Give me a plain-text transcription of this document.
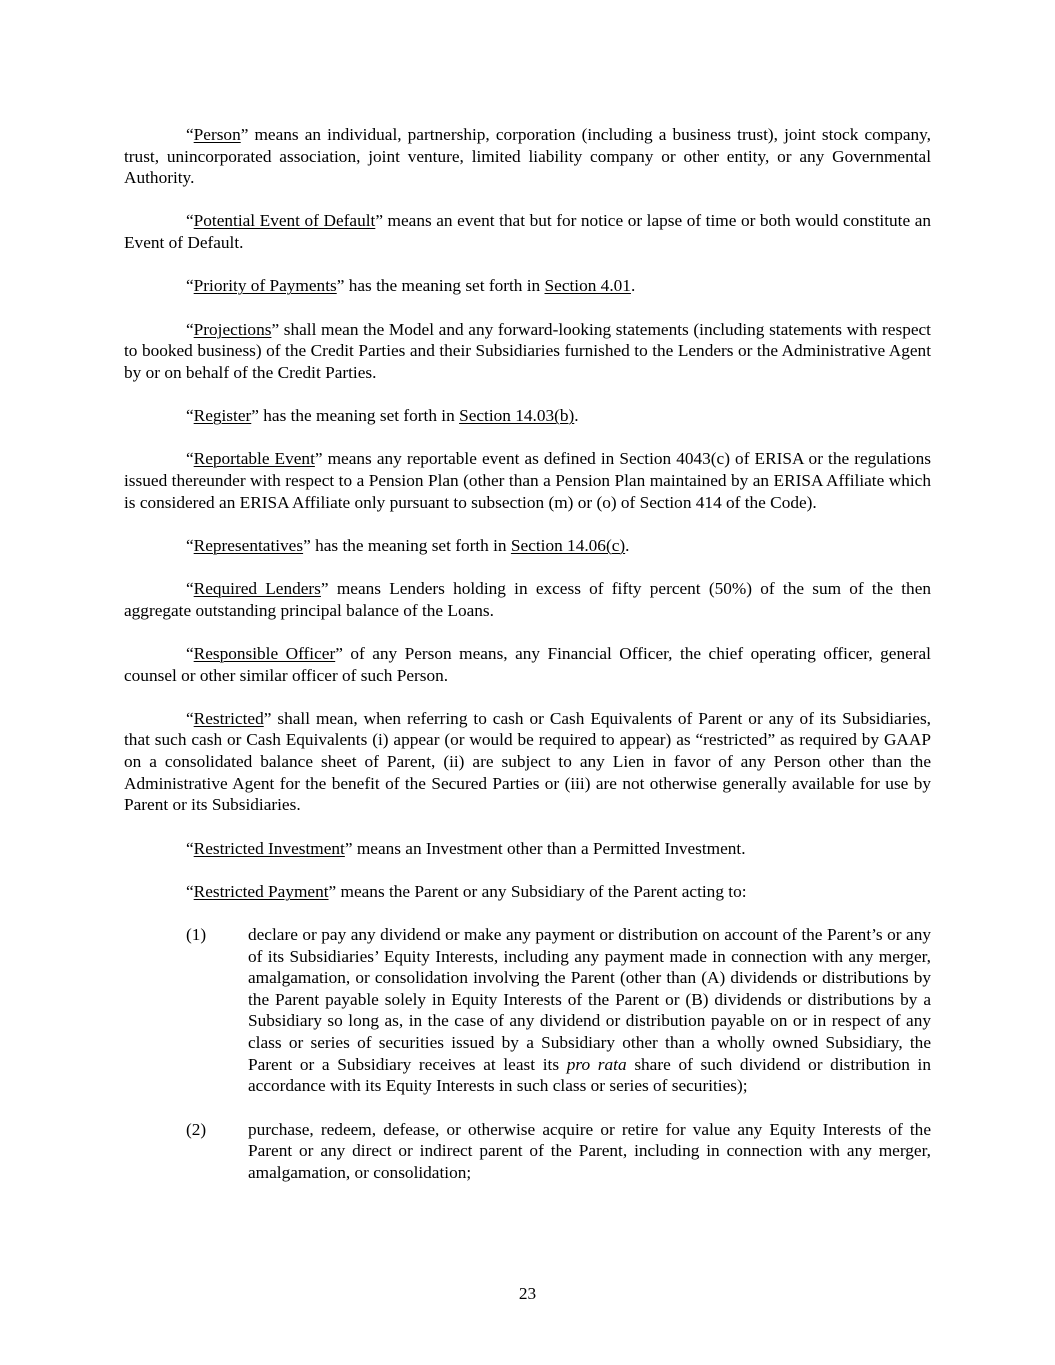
“Person” means an individual, partnership, corporation (including a business trust), joint stock company, trust, unincorporated association, joint venture, limited liability company or other entity, or any Governmental Authority.

“Potential Event of Default” means an event that but for notice or lapse of time or both would constitute an Event of Default.

“Priority of Payments” has the meaning set forth in Section 4.01.

“Projections” shall mean the Model and any forward-looking statements (including statements with respect to booked business) of the Credit Parties and their Subsidiaries furnished to the Lenders or the Administrative Agent by or on behalf of the Credit Parties.

“Register” has the meaning set forth in Section 14.03(b).

“Reportable Event” means any reportable event as defined in Section 4043(c) of ERISA or the regulations issued thereunder with respect to a Pension Plan (other than a Pension Plan maintained by an ERISA Affiliate which is considered an ERISA Affiliate only pursuant to subsection (m) or (o) of Section 414 of the Code).

“Representatives” has the meaning set forth in Section 14.06(c).

“Required Lenders” means Lenders holding in excess of fifty percent (50%) of the sum of the then aggregate outstanding principal balance of the Loans.

“Responsible Officer” of any Person means, any Financial Officer, the chief operating officer, general counsel or other similar officer of such Person.

“Restricted” shall mean, when referring to cash or Cash Equivalents of Parent or any of its Subsidiaries, that such cash or Cash Equivalents (i) appear (or would be required to appear) as “restricted” as required by GAAP on a consolidated balance sheet of Parent, (ii) are subject to any Lien in favor of any Person other than the Administrative Agent for the benefit of the Secured Parties or (iii) are not otherwise generally available for use by Parent or its Subsidiaries.

“Restricted Investment” means an Investment other than a Permitted Investment.

“Restricted Payment” means the Parent or any Subsidiary of the Parent acting to:

(1) declare or pay any dividend or make any payment or distribution on account of the Parent’s or any of its Subsidiaries’ Equity Interests, including any payment made in connection with any merger, amalgamation, or consolidation involving the Parent (other than (A) dividends or distributions by the Parent payable solely in Equity Interests of the Parent or (B) dividends or distributions by a Subsidiary so long as, in the case of any dividend or distribution payable on or in respect of any class or series of securities issued by a Subsidiary other than a wholly owned Subsidiary, the Parent or a Subsidiary receives at least its pro rata share of such dividend or distribution in accordance with its Equity Interests in such class or series of securities);
(2) purchase, redeem, defease, or otherwise acquire or retire for value any Equity Interests of the Parent or any direct or indirect parent of the Parent, including in connection with any merger, amalgamation, or consolidation;
23
